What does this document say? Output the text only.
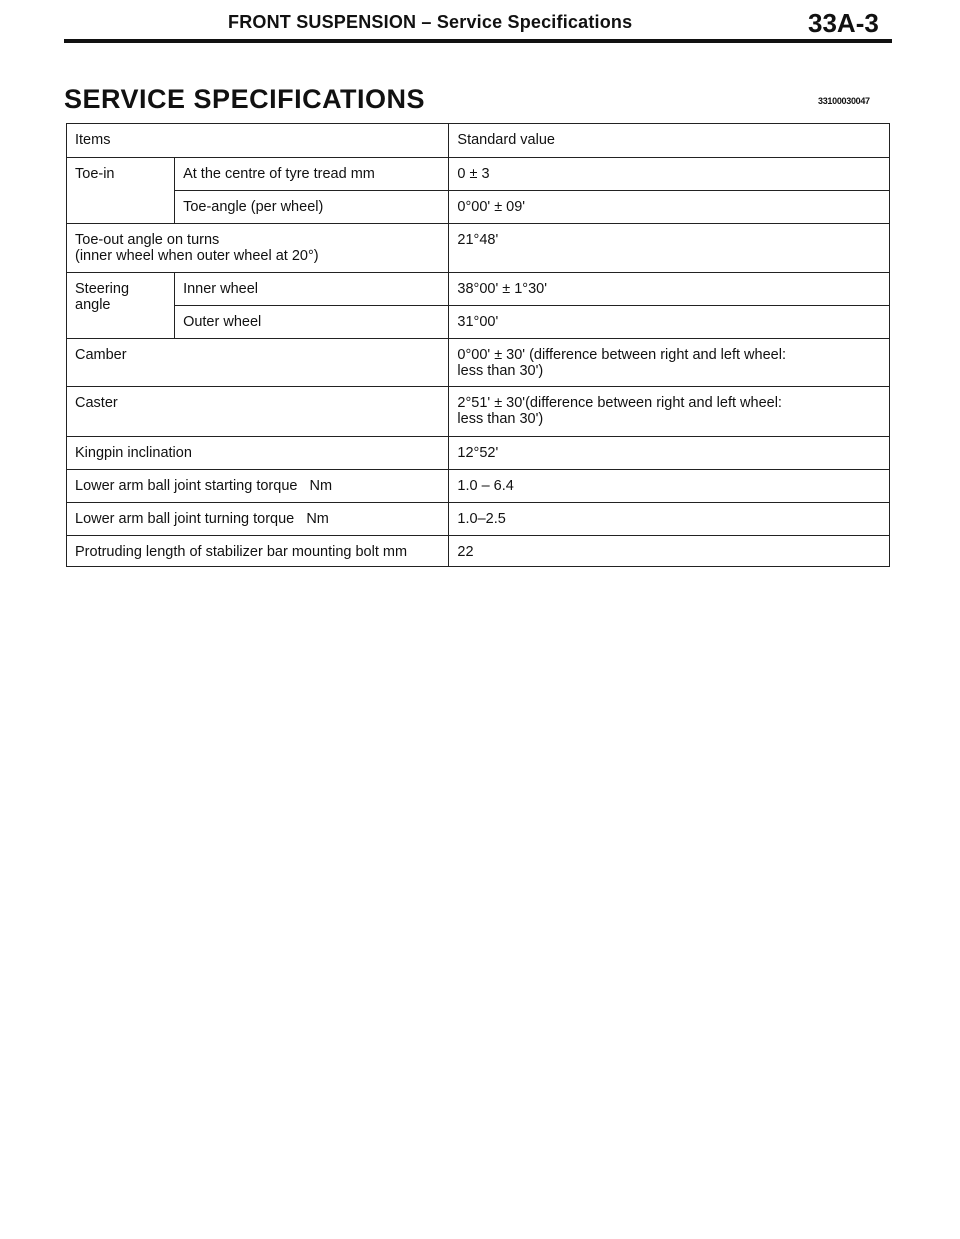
FRONT SUSPENSION – Service Specifications	33A-3
SERVICE SPECIFICATIONS	33100030047
Items		Standard value
Toe-in	At the centre of tyre tread mm	0 ± 3
	Toe-angle (per wheel)	0°00' ± 09'

Toe-out angle on turns
(inner wheel when outer wheel at 20°)		21°48'
Steering angle	Inner wheel	38°00' ± 1°30'
	Outer wheel	31°00'
Camber		0°00' ± 30' (difference between right and left wheel:
less than 30')

Caster		2°51' ± 30'(difference between right and left wheel:
less than 30')

Kingpin inclination		12°52'
Lower arm ball joint starting torque   Nm		1.0 – 6.4
Lower arm ball joint turning torque   Nm		1.0–2.5
Protruding length of stabilizer bar mounting bolt mm		22
